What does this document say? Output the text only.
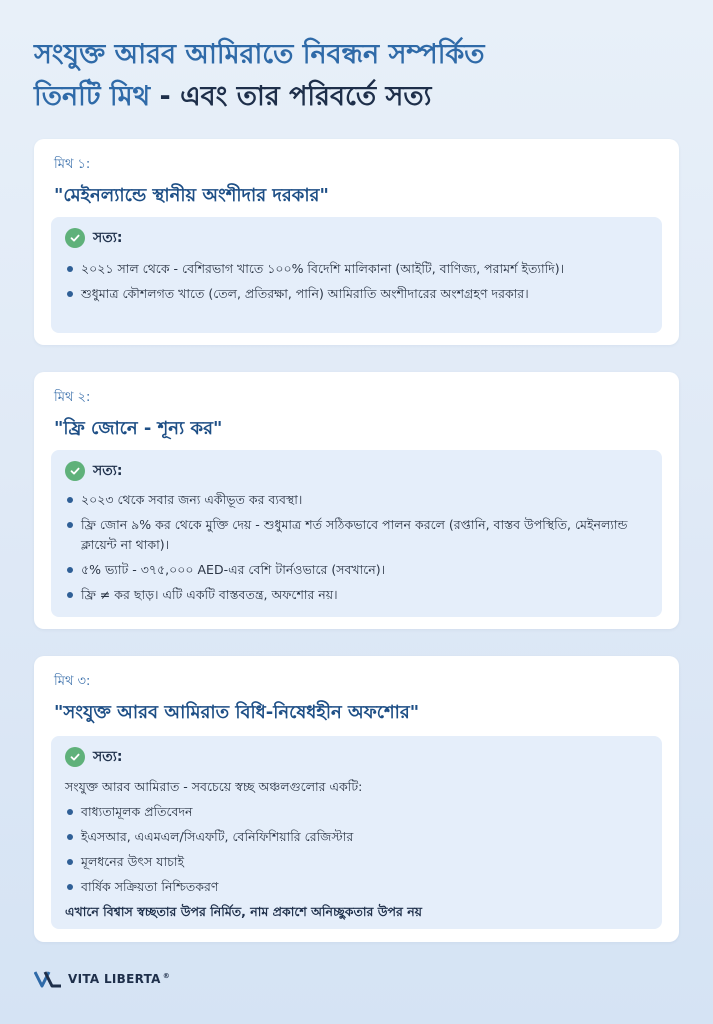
সংযুক্ত আরব আমিরাতে নিবন্ধন সম্পর্কিত
তিনটি মিথ - এবং তার পরিবর্তে সত্য
মিথ ১:
"মেইনল্যান্ডে স্থানীয় অংশীদার দরকার"
সত্য:
২০২১ সাল থেকে - বেশিরভাগ খাতে ১০০% বিদেশি মালিকানা (আইটি, বাণিজ্য, পরামর্শ ইত্যাদি)।
শুধুমাত্র কৌশলগত খাতে (তেল, প্রতিরক্ষা, পানি) আমিরাতি অংশীদারের অংশগ্রহণ দরকার।
মিথ ২:
"ফ্রি জোনে - শূন্য কর"
সত্য:
২০২৩ থেকে সবার জন্য একীভূত কর ব্যবস্থা।
ফ্রি জোন ৯% কর থেকে মুক্তি দেয় - শুধুমাত্র শর্ত সঠিকভাবে পালন করলে (রপ্তানি, বাস্তব উপস্থিতি, মেইনল্যান্ড ক্লায়েন্ট না থাকা)।
৫% ভ্যাট - ৩৭৫,০০০ AED-এর বেশি টার্নওভারে (সবখানে)।
ফ্রি ≠ কর ছাড়। এটি একটি বাস্তবতন্ত্র, অফশোর নয়।
মিথ ৩:
"সংযুক্ত আরব আমিরাত বিধি-নিষেধহীন অফশোর"
সত্য:
সংযুক্ত আরব আমিরাত - সবচেয়ে স্বচ্ছ অঞ্চলগুলোর একটি:
বাধ্যতামূলক প্রতিবেদন
ইএসআর, এএমএল/সিএফটি, বেনিফিশিয়ারি রেজিস্টার
মূলধনের উৎস যাচাই
বার্ষিক সক্রিয়তা নিশ্চিতকরণ
এখানে বিশ্বাস স্বচ্ছতার উপর নির্মিত, নাম প্রকাশে অনিচ্ছুকতার উপর নয়
VITA LIBERTA ®
